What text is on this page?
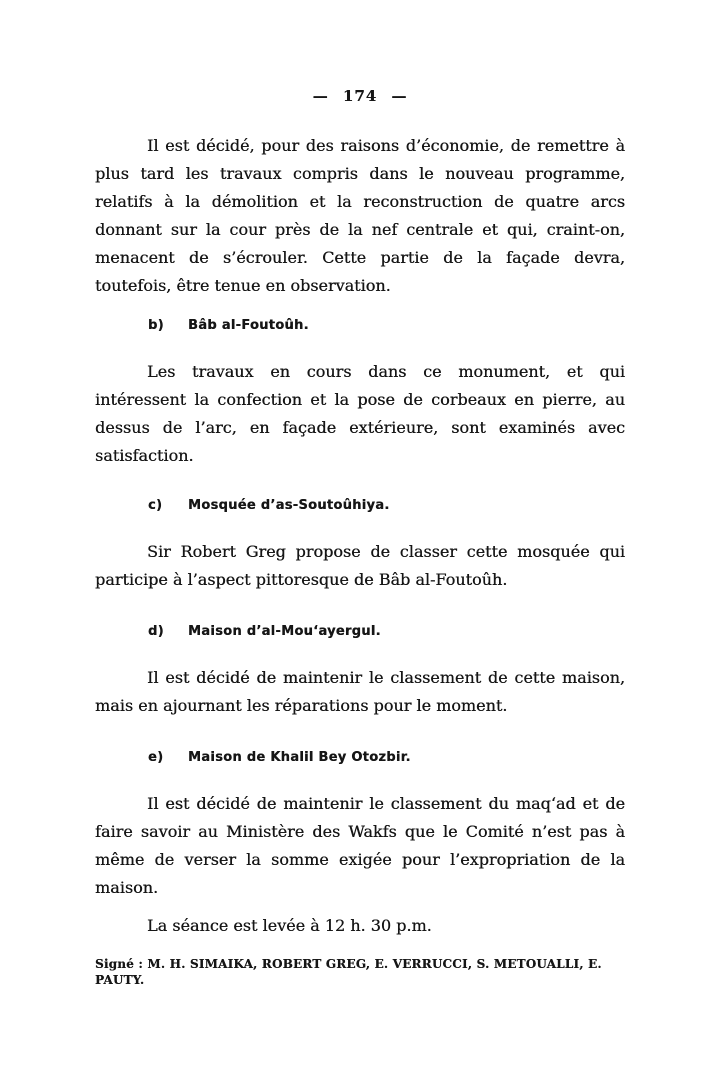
— 174 —

Il est décidé, pour des raisons d’économie, de remettre à plus tard les travaux compris dans le nouveau programme, relatifs à la démolition et la reconstruction de quatre arcs donnant sur la cour près de la nef centrale et qui, craint-on, menacent de s’écrouler. Cette partie de la façade devra, toutefois, être tenue en observation.

b) Bâb al-Foutoûh.

Les travaux en cours dans ce monument, et qui intéressent la confection et la pose de corbeaux en pierre, au dessus de l’arc, en façade extérieure, sont examinés avec satisfaction.

c) Mosquée d’as-Soutoûhiya.

Sir Robert Greg propose de classer cette mosquée qui participe à l’aspect pittoresque de Bâb al-Foutoûh.

d) Maison d’al-Mou‘ayergul.

Il est décidé de maintenir le classement de cette maison, mais en ajournant les réparations pour le moment.

e) Maison de Khalil Bey Otozbir.

Il est décidé de maintenir le classement du maq‘ad et de faire savoir au Ministère des Wakfs que le Comité n’est pas à même de verser la somme exigée pour l’expropriation de la maison.

La séance est levée à 12 h. 30 p.m.

Signé : M. H. SIMAIKA, ROBERT GREG, E. VERRUCCI, S. METOUALLI, E. PAUTY.
